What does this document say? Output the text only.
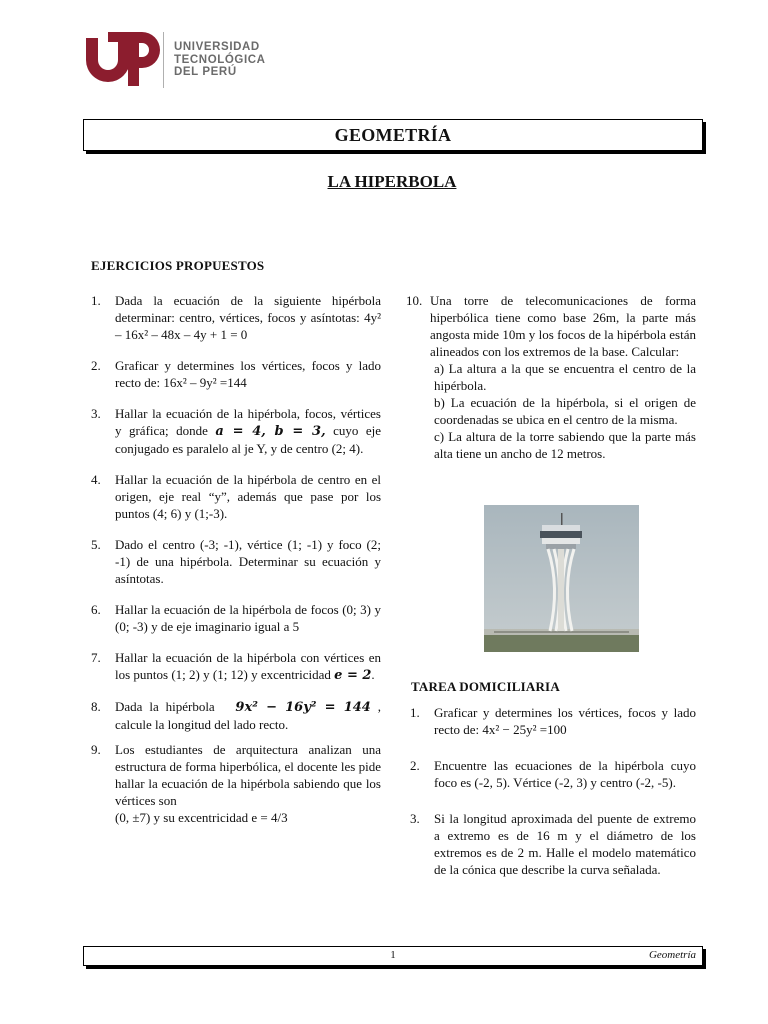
UNIVERSIDAD
TECNOLÓGICA
DEL PERÚ
GEOMETRÍA
LA HIPERBOLA
EJERCICIOS PROPUESTOS
1.	Dada la ecuación de la siguiente hipérbola determinar: centro, vértices, focos y asíntotas: 4y² – 16x² – 48x – 4y + 1 = 0
2.	Graficar y determines los vértices, focos y lado recto de: 16x² – 9y² =144
3.	Hallar la ecuación de la hipérbola, focos, vértices y gráfica; donde a = 4, b = 3, cuyo eje conjugado es paralelo al je Y, y de centro (2; 4).
4.	Hallar la ecuación de la hipérbola de centro en el origen, eje real “y”, además que pase por los puntos (4; 6) y (1;-3).
5.	Dado el centro (-3; -1), vértice (1; -1) y foco (2; -1) de una hipérbola. Determinar su ecuación y asíntotas.
6.	Hallar la ecuación de la hipérbola de focos (0; 3) y (0; -3) y de eje imaginario igual a 5
7.	Hallar la ecuación de la hipérbola con vértices en los puntos (1; 2) y (1; 12) y excentricidad e = 2.
8.	Dada la hipérbola 9x² − 16y² = 144 , calcule la longitud del lado recto.
9.	Los estudiantes de arquitectura analizan una estructura de forma hiperbólica, el docente les pide hallar la ecuación de la hipérbola sabiendo que los vértices son
(0, ±7) y su excentricidad e = 4/3
10. Una torre de telecomunicaciones de forma hiperbólica tiene como base 26m, la parte más angosta mide 10m y los focos de la hipérbola están alineados con los extremos de la base. Calcular:
a) La altura a la que se encuentra el centro de la hipérbola.
b) La ecuación de la hipérbola, si el origen de coordenadas se ubica en el centro de la misma.
c) La altura de la torre sabiendo que la parte más alta tiene un ancho de 12 metros.
TAREA DOMICILIARIA
1.	Graficar y determines los vértices, focos y lado recto de: 4x² − 25y² =100
2.	Encuentre las ecuaciones de la hipérbola cuyo foco es (-2, 5). Vértice (-2, 3) y centro (-2, -5).
3.	Si la longitud aproximada del puente de extremo a extremo es de 16 m y el diámetro de los extremos es de 2 m. Halle el modelo matemático de la cónica que describe la curva señalada.
1	Geometría
